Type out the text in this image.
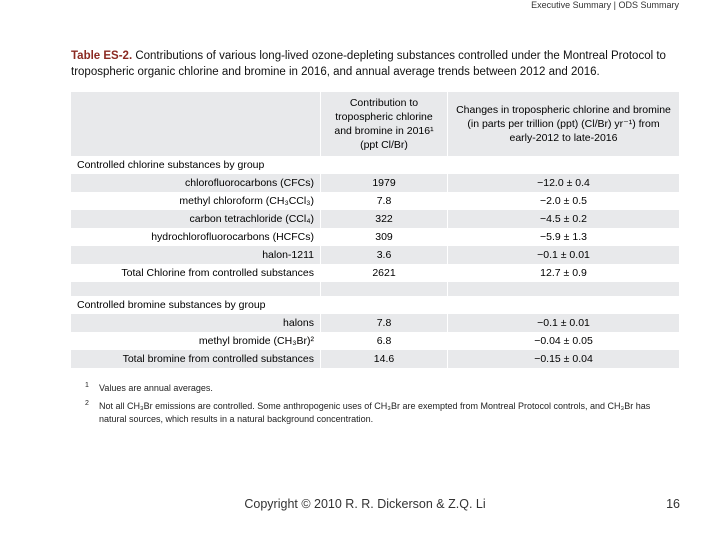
Executive Summary | ODS Summary
Table ES-2. Contributions of various long-lived ozone-depleting substances controlled under the Montreal Protocol to tropospheric organic chlorine and bromine in 2016, and annual average trends between 2012 and 2016.
	Contribution to tropospheric chlorine and bromine in 2016¹ (ppt Cl/Br)	Changes in tropospheric chlorine and bromine (in parts per trillion (ppt) (Cl/Br) yr⁻¹) from early-2012 to late-2016
Controlled chlorine substances by group		
chlorofluorocarbons (CFCs)	1979	−12.0 ± 0.4
methyl chloroform (CH₃CCl₃)	7.8	−2.0 ± 0.5
carbon tetrachloride (CCl₄)	322	−4.5 ± 0.2
hydrochlorofluorocarbons (HCFCs)	309	−5.9 ± 1.3
halon-1211	3.6	−0.1 ± 0.01
Total Chlorine from controlled substances	2621	12.7 ± 0.9

Controlled bromine substances by group		
halons	7.8	−0.1 ± 0.01
methyl bromide (CH₃Br)²	6.8	−0.04 ± 0.05
Total bromine from controlled substances	14.6	−0.15 ± 0.04
1 Values are annual averages.
2 Not all CH₃Br emissions are controlled. Some anthropogenic uses of CH₃Br are exempted from Montreal Protocol controls, and CH₃Br has natural sources, which results in a natural background concentration.
Copyright © 2010 R. R. Dickerson & Z.Q. Li	16
